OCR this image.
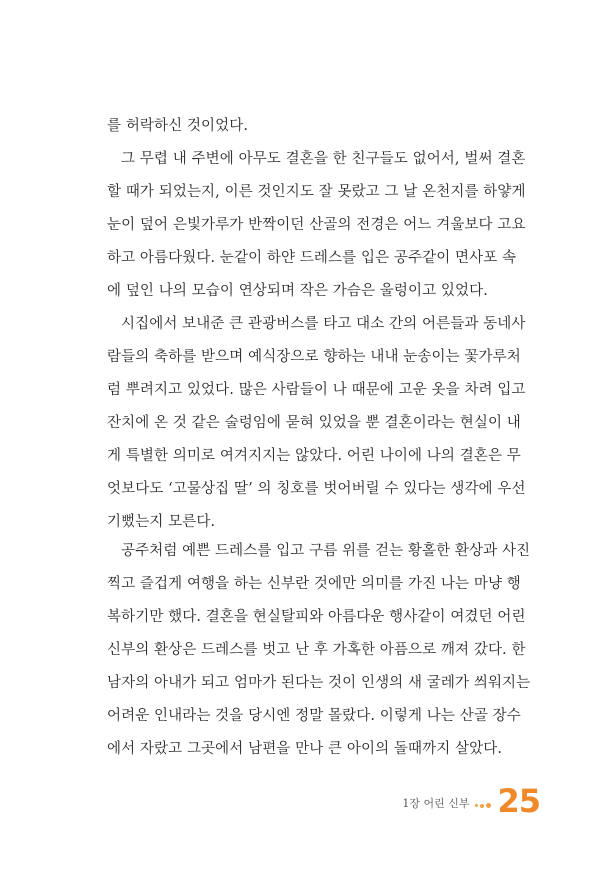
를 허락하신 것이었다.

그 무렵 내 주변에 아무도 결혼을 한 친구들도 없어서, 벌써 결혼
할 때가 되었는지, 이른 것인지도 잘 못랐고 그 날 온천지를 하얗게
눈이 덮어 은빛가루가 반짝이던 산골의 전경은 어느 겨울보다 고요
하고 아름다웠다. 눈같이 하얀 드레스를 입은 공주같이 면사포 속
에 덮인 나의 모습이 연상되며 작은 가슴은 울렁이고 있었다.

시집에서 보내준 큰 관광버스를 타고 대소 간의 어른들과 동네사
람들의 축하를 받으며 예식장으로 향하는 내내 눈송이는 꽃가루처
럼 뿌려지고 있었다. 많은 사람들이 나 때문에 고운 옷을 차려 입고
잔치에 온 것 같은 술렁임에 묻혀 있었을 뿐 결혼이라는 현실이 내
게 특별한 의미로 여겨지지는 않았다. 어린 나이에 나의 결혼은 무
엇보다도 ‘고물상집 딸’ 의 칭호를 벗어버릴 수 있다는 생각에 우선
기뻤는지 모른다.

공주처럼 예쁜 드레스를 입고 구름 위를 걷는 황홀한 환상과 사진
찍고 즐겁게 여행을 하는 신부란 것에만 의미를 가진 나는 마냥 행
복하기만 했다. 결혼을 현실탈피와 아름다운 행사같이 여겼던 어린
신부의 환상은 드레스를 벗고 난 후 가혹한 아픔으로 깨져 갔다. 한
남자의 아내가 되고 엄마가 된다는 것이 인생의 새 굴레가 씌워지는
어려운 인내라는 것을 당시엔 정말 몰랐다. 이렇게 나는 산골 장수
에서 자랐고 그곳에서 남편을 만나 큰 아이의 돌때까지 살았다.

1장 어린 신부 25
